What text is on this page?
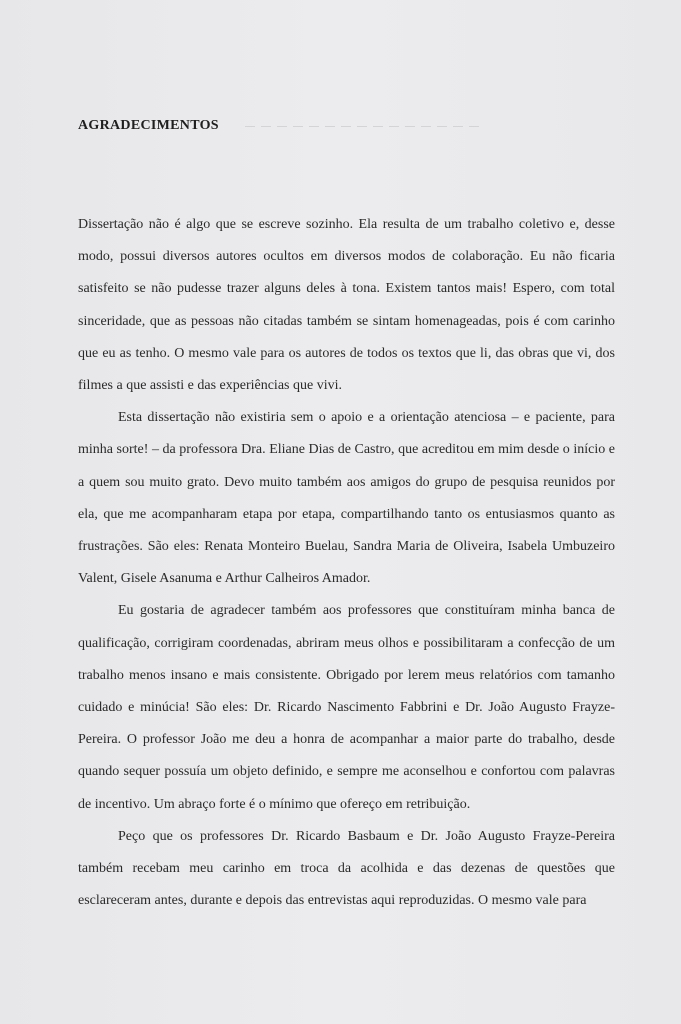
AGRADECIMENTOS

Dissertação não é algo que se escreve sozinho. Ela resulta de um trabalho coletivo e, desse modo, possui diversos autores ocultos em diversos modos de colaboração. Eu não ficaria satisfeito se não pudesse trazer alguns deles à tona. Existem tantos mais! Espero, com total sinceridade, que as pessoas não citadas também se sintam homenageadas, pois é com carinho que eu as tenho. O mesmo vale para os autores de todos os textos que li, das obras que vi, dos filmes a que assisti e das experiências que vivi.

Esta dissertação não existiria sem o apoio e a orientação atenciosa – e paciente, para minha sorte! – da professora Dra. Eliane Dias de Castro, que acreditou em mim desde o início e a quem sou muito grato. Devo muito também aos amigos do grupo de pesquisa reunidos por ela, que me acompanharam etapa por etapa, compartilhando tanto os entusiasmos quanto as frustrações. São eles: Renata Monteiro Buelau, Sandra Maria de Oliveira, Isabela Umbuzeiro Valent, Gisele Asanuma e Arthur Calheiros Amador.

Eu gostaria de agradecer também aos professores que constituíram minha banca de qualificação, corrigiram coordenadas, abriram meus olhos e possibilitaram a confecção de um trabalho menos insano e mais consistente. Obrigado por lerem meus relatórios com tamanho cuidado e minúcia! São eles: Dr. Ricardo Nascimento Fabbrini e Dr. João Augusto Frayze-Pereira. O professor João me deu a honra de acompanhar a maior parte do trabalho, desde quando sequer possuía um objeto definido, e sempre me aconselhou e confortou com palavras de incentivo. Um abraço forte é o mínimo que ofereço em retribuição.

Peço que os professores Dr. Ricardo Basbaum e Dr. João Augusto Frayze-Pereira também recebam meu carinho em troca da acolhida e das dezenas de questões que esclareceram antes, durante e depois das entrevistas aqui reproduzidas. O mesmo vale para
